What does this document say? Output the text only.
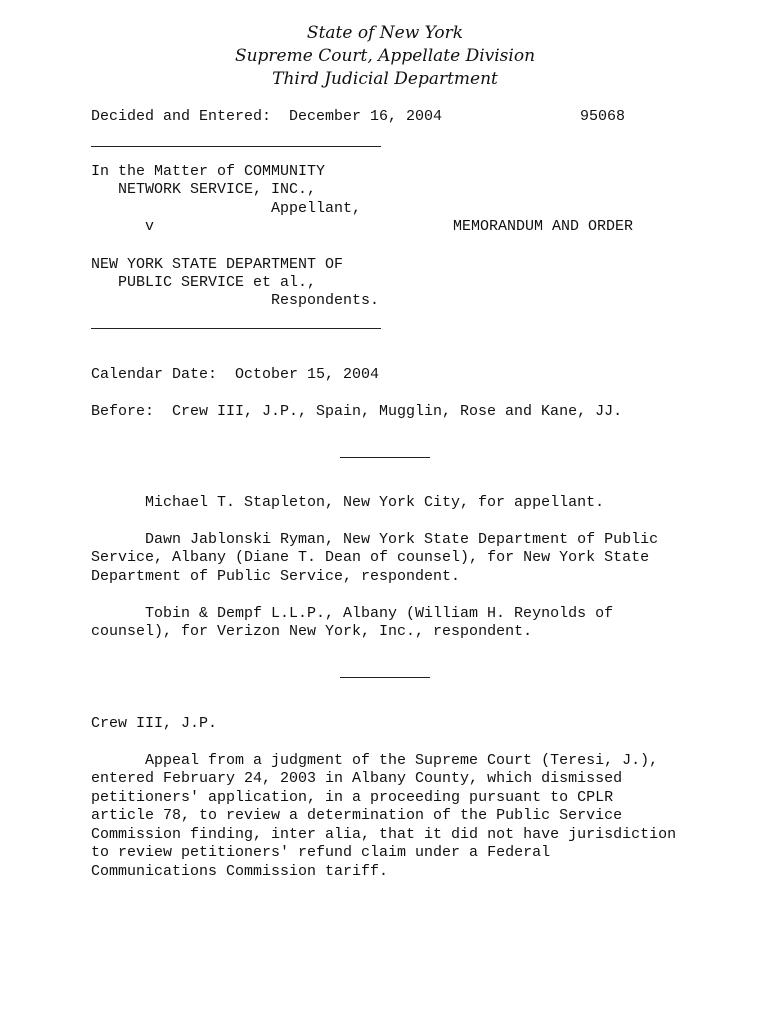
State of New York
Supreme Court, Appellate Division
Third Judicial Department
Decided and Entered: December 16, 2004	95068
In the Matter of COMMUNITY
NETWORK SERVICE, INC.,
Appellant,
v	MEMORANDUM AND ORDER
NEW YORK STATE DEPARTMENT OF
PUBLIC SERVICE et al.,
Respondents.
Calendar Date: October 15, 2004
Before: Crew III, J.P., Spain, Mugglin, Rose and Kane, JJ.
Michael T. Stapleton, New York City, for appellant.
Dawn Jablonski Ryman, New York State Department of Public
Service, Albany (Diane T. Dean of counsel), for New York State
Department of Public Service, respondent.
Tobin & Dempf L.L.P., Albany (William H. Reynolds of
counsel), for Verizon New York, Inc., respondent.
Crew III, J.P.
Appeal from a judgment of the Supreme Court (Teresi, J.),
entered February 24, 2003 in Albany County, which dismissed
petitioners' application, in a proceeding pursuant to CPLR
article 78, to review a determination of the Public Service
Commission finding, inter alia, that it did not have jurisdiction
to review petitioners' refund claim under a Federal
Communications Commission tariff.
